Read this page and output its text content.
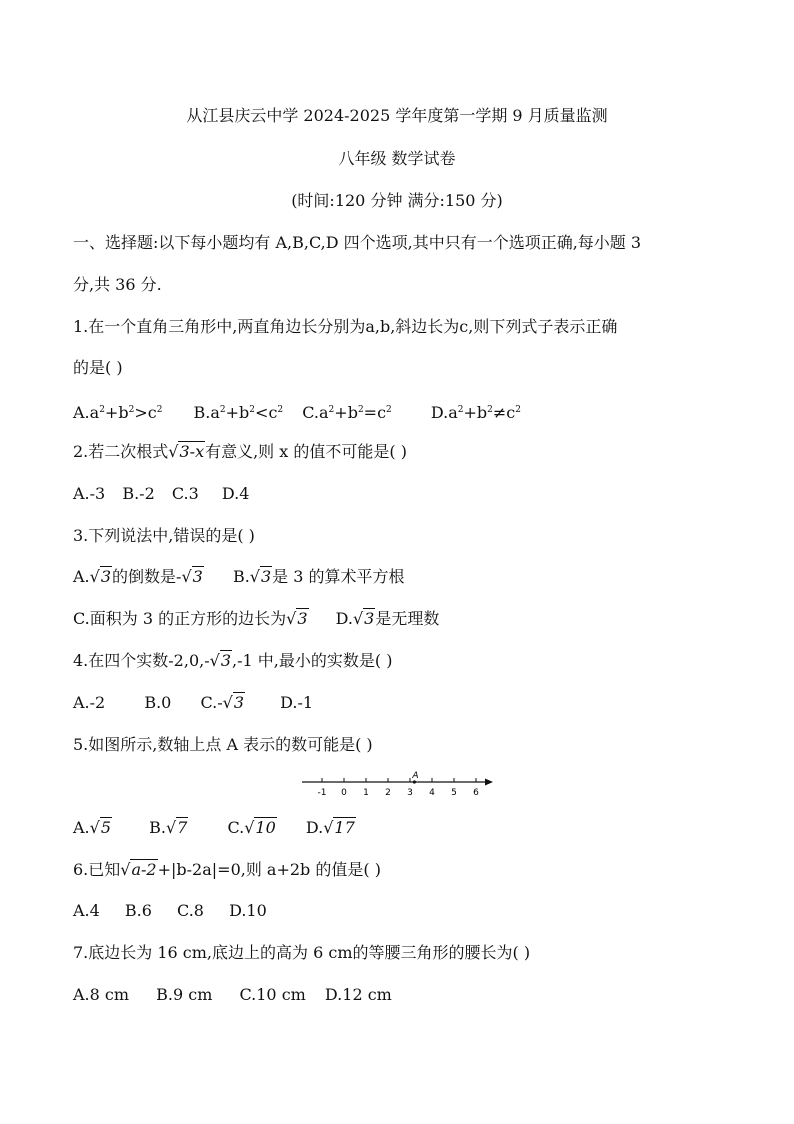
从江县庆云中学 2024-2025 学年度第一学期 9 月质量监测
八年级 数学试卷
(时间:120 分钟 满分:150 分)
一、选择题:以下每小题均有 A,B,C,D 四个选项,其中只有一个选项正确,每小题 3
分,共 36 分.
1.在一个直角三角形中,两直角边长分别为a,b,斜边长为c,则下列式子表示正确
的是( )
$A.a^2+b^2>c^2$ $B.a^2+b^2<c^2$ $C.a^2+b^2=c^2$ $D.a^2+b^2\ne c^2$
2.若二次根式√3-x有意义,则 x 的值不可能是( )
A.-3 B.-2 C.3 D.4
3.下列说法中,错误的是( )
A.√3的倒数是-√3 B.√3是 3 的算术平方根
C.面积为 3 的正方形的边长为√3 D.√3是无理数
4.在四个实数-2,0,-√3,-1 中,最小的实数是( )
A.-2 B.0 C.-√3 D.-1
5.如图所示,数轴上点 A 表示的数可能是( )
-1 0 1 2 3 4 5 6
A
A.√5 B.√7	C.√10 D.√17
6.已知√a-2+|b-2a|=0,则 a+2b 的值是( )
A.4 B.6 C.8 D.10
7.底边长为 16 cm,底边上的高为 6 cm的等腰三角形的腰长为( )
A.8 cm B.9 cm C.10 cm D.12 cm
